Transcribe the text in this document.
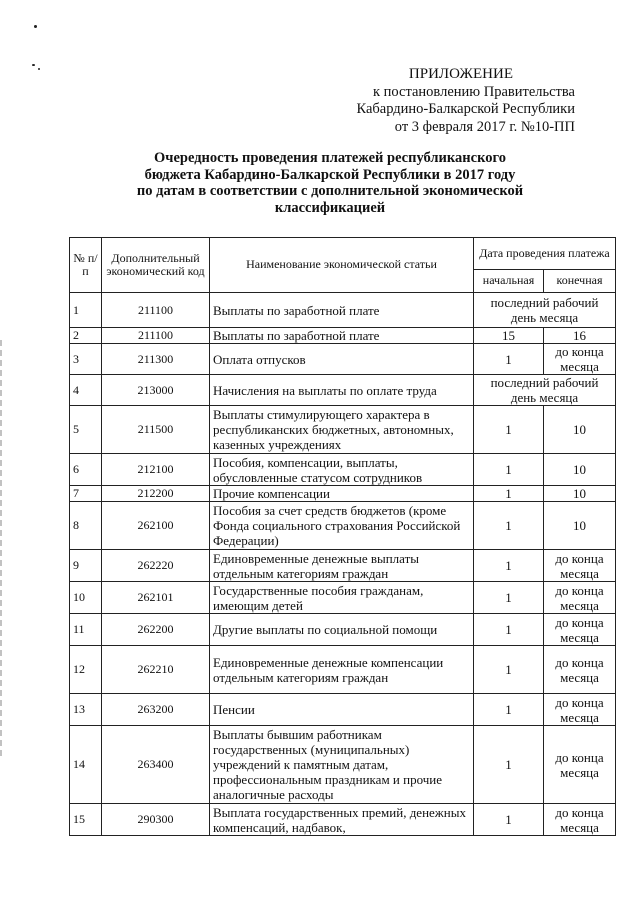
ПРИЛОЖЕНИЕ
к постановлению Правительства
Кабардино-Балкарской Республики
от 3 февраля 2017 г. №10-ПП
Очередность проведения платежей республиканского
бюджета Кабардино-Балкарской Республики в 2017 году
по датам в соответствии с дополнительной экономической
классификацией
№ п/п	Дополнительный экономический код	Наименование экономической статьи	Дата проведения платежа	
			начальная	конечная
1	211100	Выплаты по заработной плате	последний рабочий день месяца	
2	211100	Выплаты по заработной плате	15	16
3	211300	Оплата отпусков	1	до конца месяца
4	213000	Начисления на выплаты по оплате труда	последний рабочий день месяца	
5	211500	Выплаты стимулирующего характера в республиканских бюджетных, автономных, казенных учреждениях	1	10
6	212100	Пособия, компенсации, выплаты, обусловленные статусом сотрудников	1	10
7	212200	Прочие компенсации	1	10
8	262100	Пособия за счет средств бюджетов (кроме Фонда социального страхования Российской Федерации)	1	10
9	262220	Единовременные денежные выплаты отдельным категориям граждан	1	до конца месяца
10	262101	Государственные пособия гражданам, имеющим детей	1	до конца месяца
11	262200	Другие выплаты по социальной помощи	1	до конца месяца
12	262210	Единовременные денежные компенсации отдельным категориям граждан	1	до конца месяца
13	263200	Пенсии	1	до конца месяца
14	263400	Выплаты бывшим работникам государственных (муниципальных) учреждений к памятным датам, профессиональным праздникам и прочие аналогичные расходы	1	до конца месяца
15	290300	Выплата государственных премий, денежных компенсаций, надбавок,	1	до конца месяца
